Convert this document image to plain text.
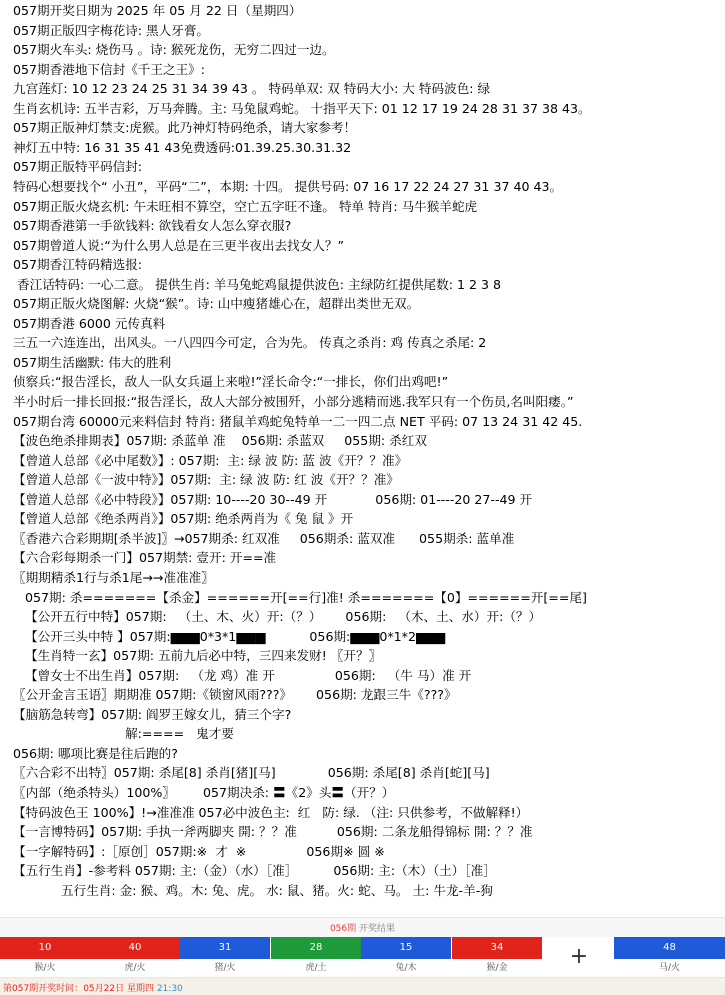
057期开奖日期为 2025 年 05 月 22 日（星期四）
057期正版四字梅花诗: 黑人牙膏。
057期火车头: 烧伤马 。诗: 猴死龙伤，无穷二四过一边。
057期香港地下信封《千王之王》:
九宫莲灯: 10 12 23 24 25 31 34 39 43 。 特码单双: 双 特码大小: 大 特码波色: 绿
生肖玄机诗: 五半吉彩，万马奔腾。主: 马兔鼠鸡蛇。 十指平天下: 01 12 17 19 24 28 31 37 38 43。
057期正版神灯禁支:虎猴。此乃神灯特码绝杀，请大家参考！
神灯五中特: 16 31 35 41 43免费透码:01.39.25.30.31.32
057期正版特平码信封:
特码心想要找个“ 小丑”，平码“二”，本期: 十四。 提供号码: 07 16 17 22 24 27 31 37 40 43。
057期正版火烧玄机: 午未旺相不算空，空亡五字旺不逢。 特单 特肖: 马牛猴羊蛇虎
057期香港第一手欲钱料: 欲钱看女人怎么穿衣服?
057期曾道人说:“为什么男人总是在三更半夜出去找女人？”
057期香江特码精选报:
香江话特码: 一心二意。 提供生肖: 羊马兔蛇鸡鼠提供波色: 主绿防红提供尾数: 1 2 3 8
057期正版火烧图解: 火烧“猴”。诗: 山中瘦猪雄心在，超群出类世无双。
057期香港 6000 元传真料
三五一六连连出，出风头。一八四四今可定，合为先。 传真之杀肖: 鸡 传真之杀尾: 2
057期生活幽默: 伟大的胜利
侦察兵:“报告淫长，敌人一队女兵逼上来啦!”淫长命令:“一排长，你们出鸡吧!”
半小时后一排长回报:“报告淫长，敌人大部分被围歼，小部分逃精而逃.我军只有一个伤员,名叫阳痿。”
057期台湾 60000元来料信封 特肖: 猪鼠羊鸡蛇兔特单一二一四二点 NET 平码: 07 13 24 31 42 45.
【波色绝杀排期表】057期: 杀蓝单 准    056期: 杀蓝双     055期: 杀红双
【曾道人总部《必中尾数》】: 057期:  主: 绿 波 防: 蓝 波《开？？准》
【曾道人总部《一波中特》】057期:  主: 绿 波 防: 红 波《开？？准》
【曾道人总部《必中特段》】057期: 10----20 30--49 开            056期: 01----20 27--49 开
【曾道人总部《绝杀两肖》】057期: 绝杀两肖为《 兔 鼠 》开
〖香港六合彩期期[杀半波]〗→057期杀: 红双准     056期杀: 蓝双准      055期杀: 蓝单准
【六合彩每期杀一门】057期禁: 壹开: 开==准
〖期期精杀1行与杀1尾→→准准准〗
057期: 杀=======【杀金】======开[==行]准! 杀=======【0】======开[==尾]
【公开五行中特】057期:   （土、木、火）开:（？）      056期:   （木、土、水）开:（？）
【公开三头中特 】057期:▆▆▆0*3*1▆▆▆           056期:▆▆▆0*1*2▆▆▆
【生肖特一玄】057期: 五前九后必中特，三四来发财! 〖开？〗
【曾女士不出生肖】057期:   （龙 鸡）准 开               056期:   （牛 马）准 开
〖公开金言玉语〗期期准 057期:《锁窗风雨???》      056期: 龙跟三牛《???》
【脑筋急转弯】057期: 阎罗王嫁女儿，猜三个字?
解:====   鬼才要
056期: 哪项比赛是往后跑的?
〖六合彩不出特〗057期: 杀尾[8] 杀肖[猪][马]             056期: 杀尾[8] 杀肖[蛇][马]
〖内部（绝杀特头）100%〗       057期决杀: 〓《2》头〓（开？）
【特码波色王 100%】!→准准准 057必中波色主:  红   防: 绿. （注: 只供参考，不做解释!）
【一言博特码】057期: 手执一斧两脚夹 開: ？？准          056期: 二条龙船得锦标 開: ？？准
【一字解特码】:［原创］057期:※  才  ※               056期※ 圆 ※
【五行生肖】-参考料 057期: 主:（金）（水）［准］         056期: 主:（木）（土）［准］
五行生肖: 金: 猴、鸡。木: 兔、虎。 水: 鼠、猪。火: 蛇、马。 土: 牛龙-羊-狗
056期 开奖结果
10	40	31	28	15	34	48
+
猴/火	虎/火	猪/火	虎/土	兔/木	猴/金	马/火
第057期开奖时间：05月22日 星期四 21:30
